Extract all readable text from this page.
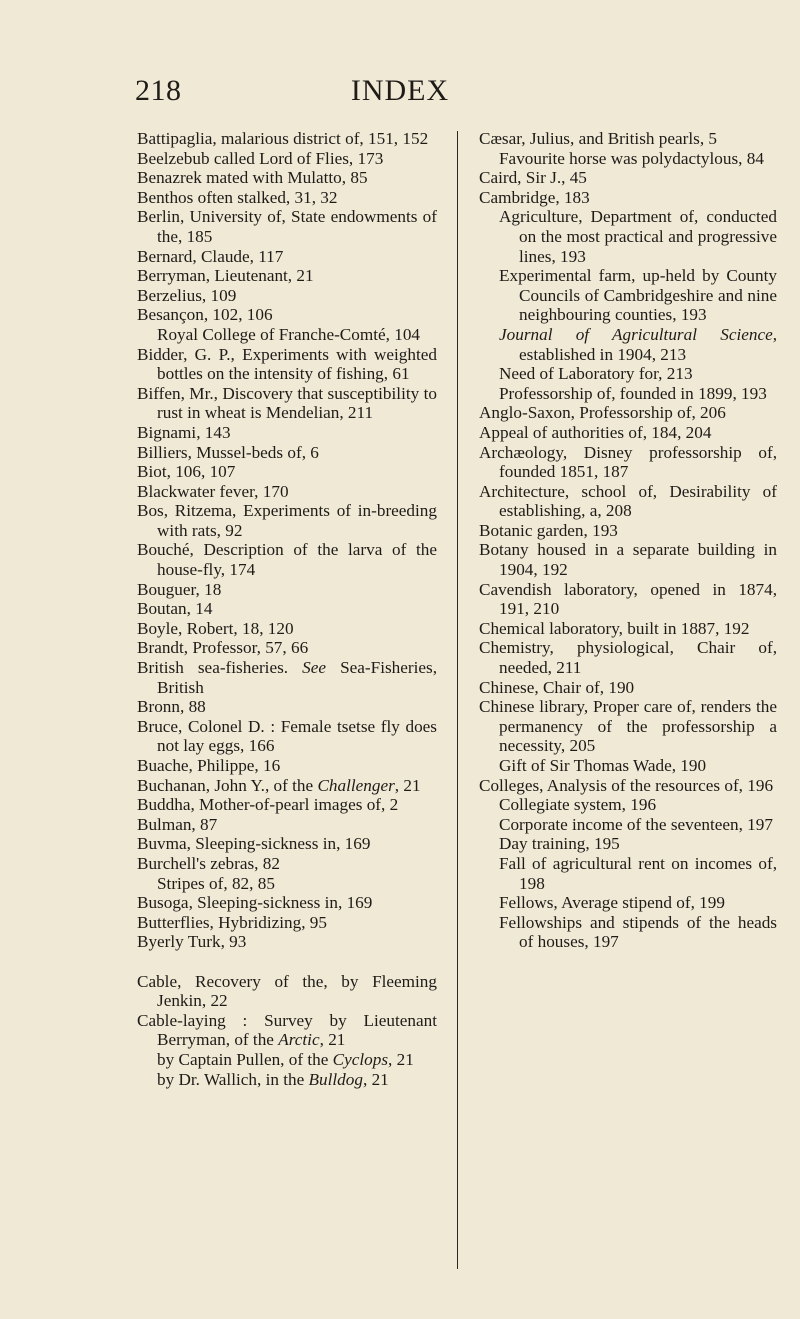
218	INDEX

Battipaglia, malarious district of, 151, 152

Beelzebub called Lord of Flies, 173

Benazrek mated with Mulatto, 85

Benthos often stalked, 31, 32

Berlin, University of, State endowments of the, 185

Bernard, Claude, 117

Berryman, Lieutenant, 21

Berzelius, 109

Besançon, 102, 106

Royal College of Franche-Comté, 104

Bidder, G. P., Experiments with weighted bottles on the intensity of fishing, 61

Biffen, Mr., Discovery that susceptibility to rust in wheat is Mendelian, 211

Bignami, 143

Billiers, Mussel-beds of, 6

Biot, 106, 107

Blackwater fever, 170

Bos, Ritzema, Experiments of in-breeding with rats, 92

Bouché, Description of the larva of the house-fly, 174

Bouguer, 18

Boutan, 14

Boyle, Robert, 18, 120

Brandt, Professor, 57, 66

British sea-fisheries. See Sea-Fisheries, British

Bronn, 88

Bruce, Colonel D. : Female tsetse fly does not lay eggs, 166

Buache, Philippe, 16

Buchanan, John Y., of the Challenger, 21

Buddha, Mother-of-pearl images of, 2

Bulman, 87

Buvma, Sleeping-sickness in, 169

Burchell's zebras, 82

Stripes of, 82, 85

Busoga, Sleeping-sickness in, 169

Butterflies, Hybridizing, 95

Byerly Turk, 93

Cable, Recovery of the, by Fleeming Jenkin, 22

Cable-laying : Survey by Lieutenant Berryman, of the Arctic, 21

by Captain Pullen, of the Cyclops, 21

by Dr. Wallich, in the Bulldog, 21

Cæsar, Julius, and British pearls, 5

Favourite horse was polydactylous, 84

Caird, Sir J., 45

Cambridge, 183

Agriculture, Department of, conducted on the most practical and progressive lines, 193

Experimental farm, up-held by County Councils of Cambridgeshire and nine neighbouring counties, 193

Journal of Agricultural Science, established in 1904, 213

Need of Laboratory for, 213

Professorship of, founded in 1899, 193

Anglo-Saxon, Professorship of, 206

Appeal of authorities of, 184, 204

Archæology, Disney professorship of, founded 1851, 187

Architecture, school of, Desirability of establishing, a, 208

Botanic garden, 193

Botany housed in a separate building in 1904, 192

Cavendish laboratory, opened in 1874, 191, 210

Chemical laboratory, built in 1887, 192

Chemistry, physiological, Chair of, needed, 211

Chinese, Chair of, 190

Chinese library, Proper care of, renders the permanency of the professorship a necessity, 205

Gift of Sir Thomas Wade, 190

Colleges, Analysis of the resources of, 196

Collegiate system, 196

Corporate income of the seventeen, 197

Day training, 195

Fall of agricultural rent on incomes of, 198

Fellows, Average stipend of, 199

Fellowships and stipends of the heads of houses, 197
